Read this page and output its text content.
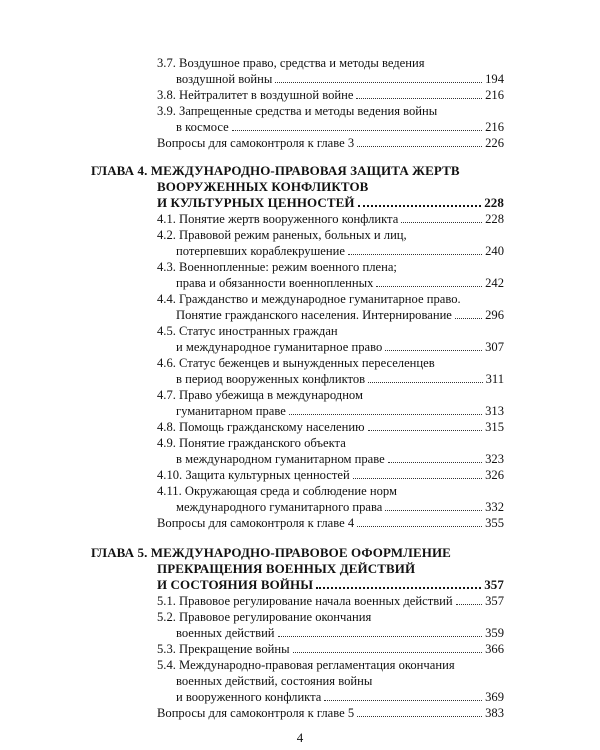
3.7. Воздушное право, средства и методы ведения
воздушной войны	194
3.8. Нейтралитет в воздушной войне	216
3.9. Запрещенные средства и методы ведения войны
в космосе	216
Вопросы для самоконтроля к главе 3	226
ГЛАВА 4. МЕЖДУНАРОДНО-ПРАВОВАЯ ЗАЩИТА ЖЕРТВ
ВООРУЖЕННЫХ КОНФЛИКТОВ
И КУЛЬТУРНЫХ ЦЕННОСТЕЙ	228
4.1. Понятие жертв вооруженного конфликта	228
4.2. Правовой режим раненых, больных и лиц,
потерпевших кораблекрушение	240
4.3. Военнопленные: режим военного плена;
права и обязанности военнопленных	242
4.4. Гражданство и международное гуманитарное право.
Понятие гражданского населения. Интернирование	296
4.5. Статус иностранных граждан
и международное гуманитарное право	307
4.6. Статус беженцев и вынужденных переселенцев
в период вооруженных конфликтов	311
4.7. Право убежища в международном
гуманитарном праве	313
4.8. Помощь гражданскому населению	315
4.9. Понятие гражданского объекта
в международном гуманитарном праве	323
4.10. Защита культурных ценностей	326
4.11. Окружающая среда и соблюдение норм
международного гуманитарного права	332
Вопросы для самоконтроля к главе 4	355
ГЛАВА 5. МЕЖДУНАРОДНО-ПРАВОВОЕ ОФОРМЛЕНИЕ
ПРЕКРАЩЕНИЯ ВОЕННЫХ ДЕЙСТВИЙ
И СОСТОЯНИЯ ВОЙНЫ	357
5.1. Правовое регулирование начала военных действий	357
5.2. Правовое регулирование окончания
военных действий	359
5.3. Прекращение войны	366
5.4. Международно-правовая регламентация окончания
военных действий, состояния войны
и вооруженного конфликта	369
Вопросы для самоконтроля к главе 5	383
4
